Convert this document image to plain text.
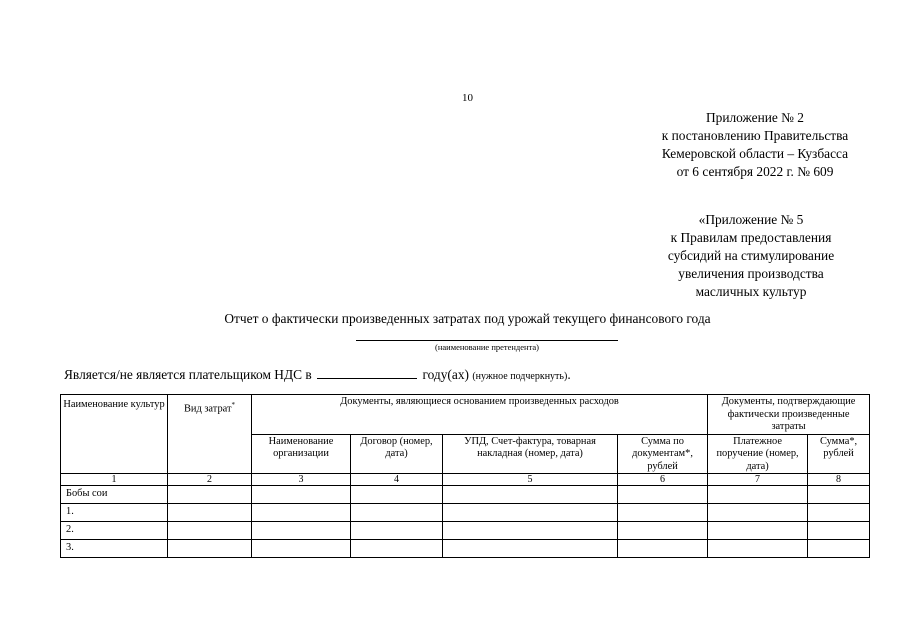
10
Приложение № 2
к постановлению Правительства
Кемеровской области – Кузбасса
от 6 сентября 2022 г. № 609
«Приложение № 5
к Правилам предоставления
субсидий на стимулирование
увеличения производства
масличных культур
Отчет о фактически произведенных затратах под урожай текущего финансового года
(наименование претендента)
Является/не является плательщиком НДС в	году(ах) (нужное подчеркнуть).
Наименование культур	Вид затрат*	Документы, являющиеся основанием произведенных расходов				Документы, подтверждающие фактически произведенные затраты	
		Наименование организации	Договор (номер, дата)	УПД, Счет-фактура, товарная накладная (номер, дата)	Сумма по документам*, рублей	Платежное поручение (номер, дата)	Сумма*, рублей
1	2	3	4	5	6	7	8
Бобы сои							
1.							
2.							
3.							
